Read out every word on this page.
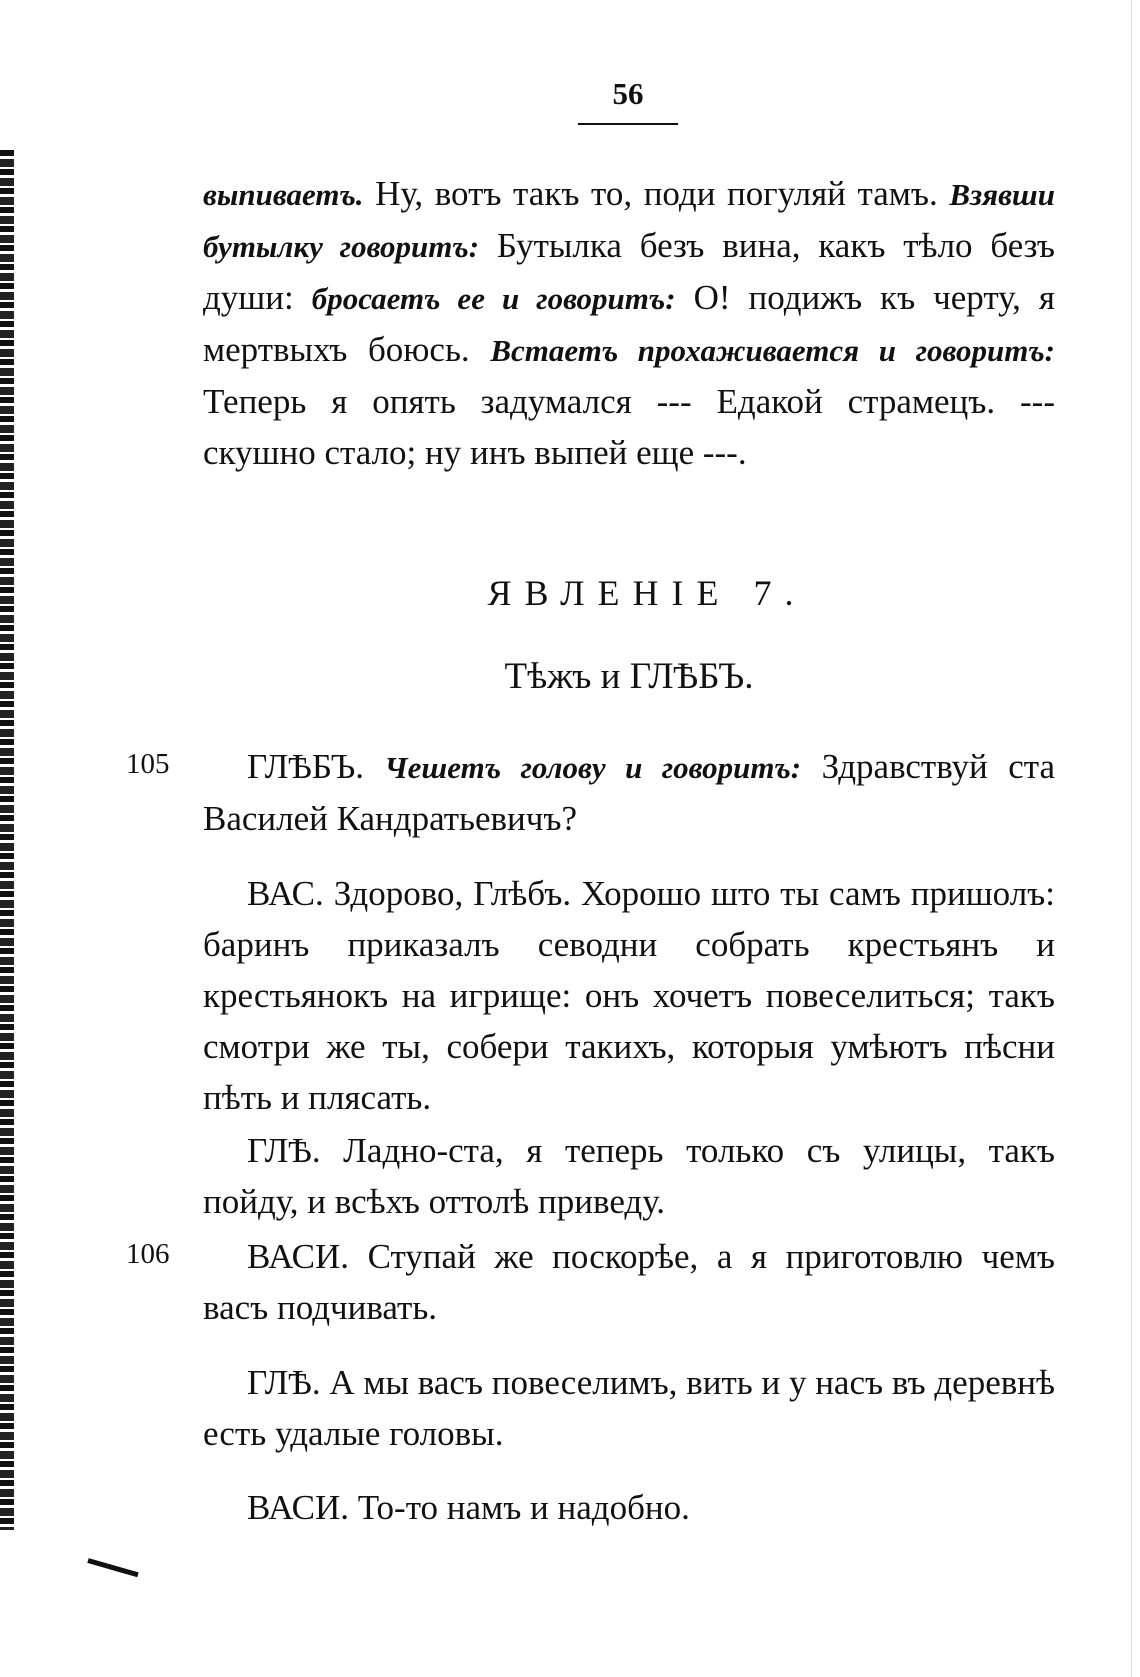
56

выпиваетъ. Ну, вотъ такъ то, поди погуляй тамъ. Взявши бутылку говоритъ: Бутылка безъ вина, какъ тѣло безъ души: бросаетъ ее и говоритъ: О! подижъ къ черту, я мертвыхъ боюсь. Встаетъ прохаживается и говоритъ: Теперь я опять задумался --- Едакой страмецъ. --- скушно стало; ну инъ выпей еще ---.

ЯВЛЕНІЕ 7.
Тѣжъ и ГЛѢБЪ.
105
106

ГЛѢБЪ. Чешетъ голову и говоритъ: Здравствуй ста Василей Кандратьевичъ?

ВАС. Здорово, Глѣбъ. Хорошо што ты самъ пришолъ: баринъ приказалъ севодни собрать крестьянъ и крестьянокъ на игрище: онъ хочетъ повеселиться; такъ смотри же ты, собери такихъ, которыя умѣютъ пѣсни пѣть и плясать.

ГЛѢ. Ладно-ста, я теперь только съ улицы, такъ пойду, и всѣхъ оттолѣ приведу.

ВАСИ. Ступай же поскорѣе, а я приготовлю чемъ васъ подчивать.

ГЛѢ. А мы васъ повеселимъ, вить и у насъ въ деревнѣ есть удалые головы.

ВАСИ. То-то намъ и надобно.
